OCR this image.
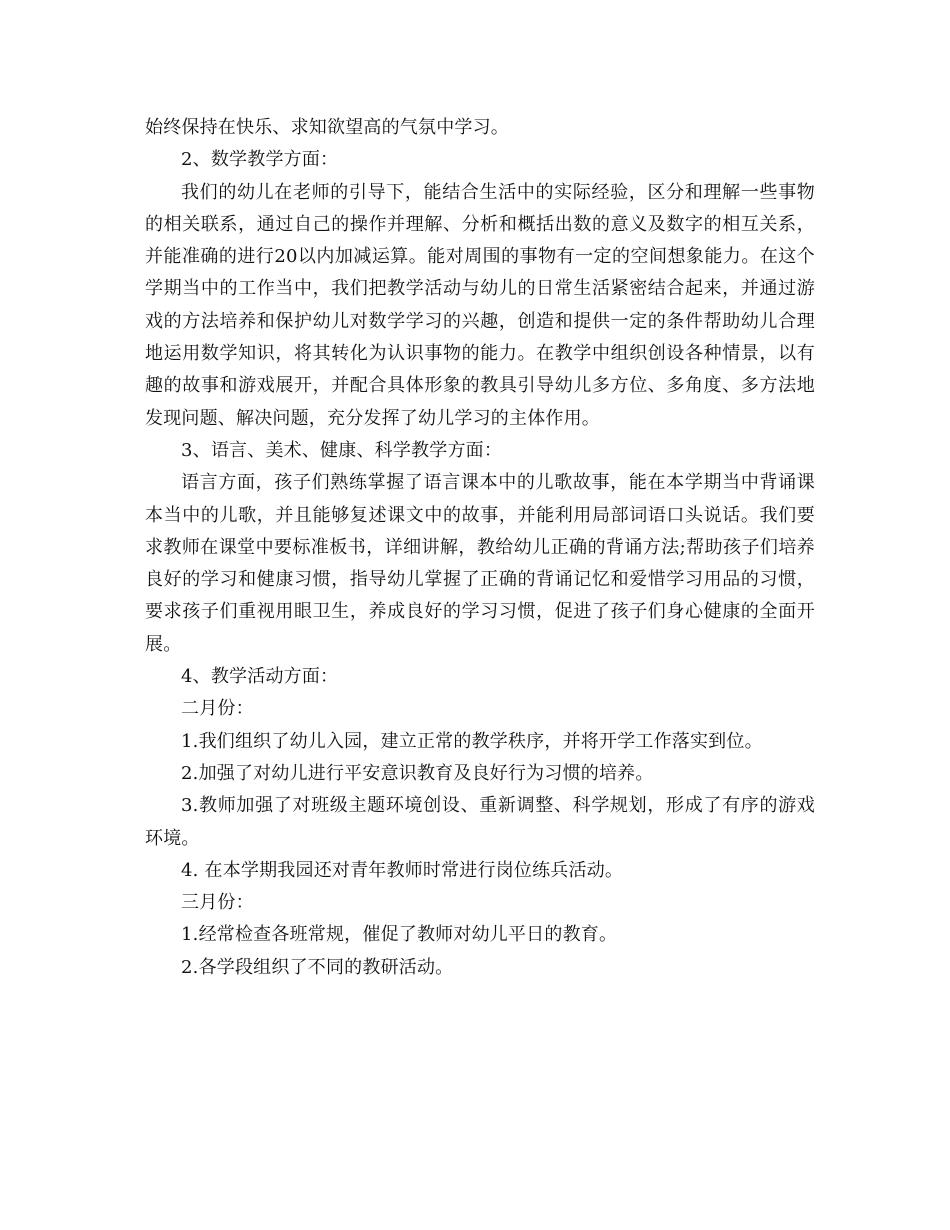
始终保持在快乐、求知欲望高的气氛中学习。

2、数学教学方面：

我们的幼儿在老师的引导下，能结合生活中的实际经验，区分和理解一些事物的相关联系，通过自己的操作并理解、分析和概括出数的意义及数字的相互关系，并能准确的进行20以内加减运算。能对周围的事物有一定的空间想象能力。在这个学期当中的工作当中，我们把教学活动与幼儿的日常生活紧密结合起来，并通过游戏的方法培养和保护幼儿对数学学习的兴趣，创造和提供一定的条件帮助幼儿合理地运用数学知识，将其转化为认识事物的能力。在教学中组织创设各种情景，以有趣的故事和游戏展开，并配合具体形象的教具引导幼儿多方位、多角度、多方法地发现问题、解决问题，充分发挥了幼儿学习的主体作用。

3、语言、美术、健康、科学教学方面：

语言方面，孩子们熟练掌握了语言课本中的儿歌故事，能在本学期当中背诵课本当中的儿歌，并且能够复述课文中的故事，并能利用局部词语口头说话。我们要求教师在课堂中要标准板书，详细讲解，教给幼儿正确的背诵方法;帮助孩子们培养良好的学习和健康习惯，指导幼儿掌握了正确的背诵记忆和爱惜学习用品的习惯，要求孩子们重视用眼卫生，养成良好的学习习惯，促进了孩子们身心健康的全面开展。

4、教学活动方面：

二月份：

1.我们组织了幼儿入园，建立正常的教学秩序，并将开学工作落实到位。

2.加强了对幼儿进行平安意识教育及良好行为习惯的培养。

3.教师加强了对班级主题环境创设、重新调整、科学规划，形成了有序的游戏环境。

4. 在本学期我园还对青年教师时常进行岗位练兵活动。

三月份：

1.经常检查各班常规，催促了教师对幼儿平日的教育。

2.各学段组织了不同的教研活动。
